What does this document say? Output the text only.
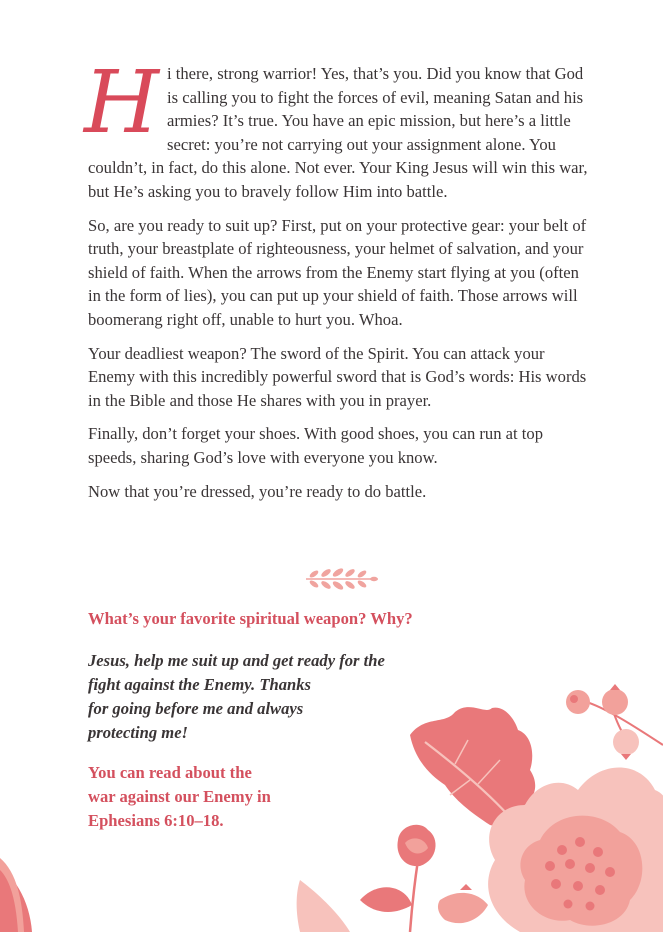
Hi there, strong warrior! Yes, that’s you. Did you know that God is calling you to fight the forces of evil, meaning Satan and his armies? It’s true. You have an epic mission, but here’s a little secret: you’re not carrying out your assignment alone. You couldn’t, in fact, do this alone. Not ever. Your King Jesus will win this war, but He’s asking you to bravely follow Him into battle.

So, are you ready to suit up? First, put on your protective gear: your belt of truth, your breastplate of righteousness, your helmet of salvation, and your shield of faith. When the arrows from the Enemy start flying at you (often in the form of lies), you can put up your shield of faith. Those arrows will boomerang right off, unable to hurt you. Whoa.

Your deadliest weapon? The sword of the Spirit. You can attack your Enemy with this incredibly powerful sword that is God’s words: His words in the Bible and those He shares with you in prayer.

Finally, don’t forget your shoes. With good shoes, you can run at top speeds, sharing God’s love with everyone you know.

Now that you’re dressed, you’re ready to do battle.

What’s your favorite spiritual weapon? Why?
Jesus, help me suit up and get ready for the
fight against the Enemy. Thanks
for going before me and always
protecting me!
You can read about the
war against our Enemy in
Ephesians 6:10–18.
